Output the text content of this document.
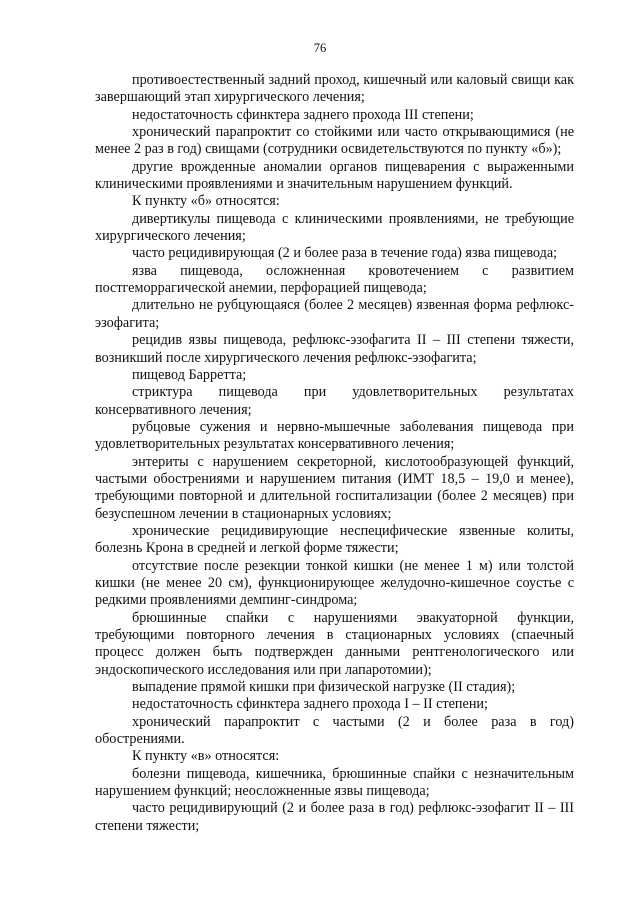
76

противоестественный задний проход, кишечный или каловый свищи как завершающий этап хирургического лечения;

недостаточность сфинктера заднего прохода III степени;

хронический парапроктит со стойкими или часто открывающимися (не менее 2 раз в год) свищами (сотрудники освидетельствуются по пункту «б»);

другие врожденные аномалии органов пищеварения с выраженными клиническими проявлениями и значительным нарушением функций.

К пункту «б» относятся:

дивертикулы пищевода с клиническими проявлениями, не требующие хирургического лечения;

часто рецидивирующая (2 и более раза в течение года) язва пищевода;

язва пищевода, осложненная кровотечением с развитием постгеморрагической анемии, перфорацией пищевода;

длительно не рубцующаяся (более 2 месяцев) язвенная форма рефлюкс-эзофагита;

рецидив язвы пищевода, рефлюкс-эзофагита II – III степени тяжести, возникший после хирургического лечения рефлюкс-эзофагита;

пищевод Барретта;

стриктура пищевода при удовлетворительных результатах консервативного лечения;

рубцовые сужения и нервно-мышечные заболевания пищевода при удовлетворительных результатах консервативного лечения;

энтериты с нарушением секреторной, кислотообразующей функций, частыми обострениями и нарушением питания (ИМТ 18,5 – 19,0 и менее), требующими повторной и длительной госпитализации (более 2 месяцев) при безуспешном лечении в стационарных условиях;

хронические рецидивирующие неспецифические язвенные колиты, болезнь Крона в средней и легкой форме тяжести;

отсутствие после резекции тонкой кишки (не менее 1 м) или толстой кишки (не менее 20 см), функционирующее желудочно-кишечное соустье с редкими проявлениями демпинг-синдрома;

брюшинные спайки с нарушениями эвакуаторной функции, требующими повторного лечения в стационарных условиях (спаечный процесс должен быть подтвержден данными рентгенологического или эндоскопического исследования или при лапаротомии);

выпадение прямой кишки при физической нагрузке (II стадия);

недостаточность сфинктера заднего прохода I – II степени;

хронический парапроктит с частыми (2 и более раза в год) обострениями.

К пункту «в» относятся:

болезни пищевода, кишечника, брюшинные спайки с незначительным нарушением функций; неосложненные язвы пищевода;

часто рецидивирующий (2 и более раза в год) рефлюкс-эзофагит II – III степени тяжести;
